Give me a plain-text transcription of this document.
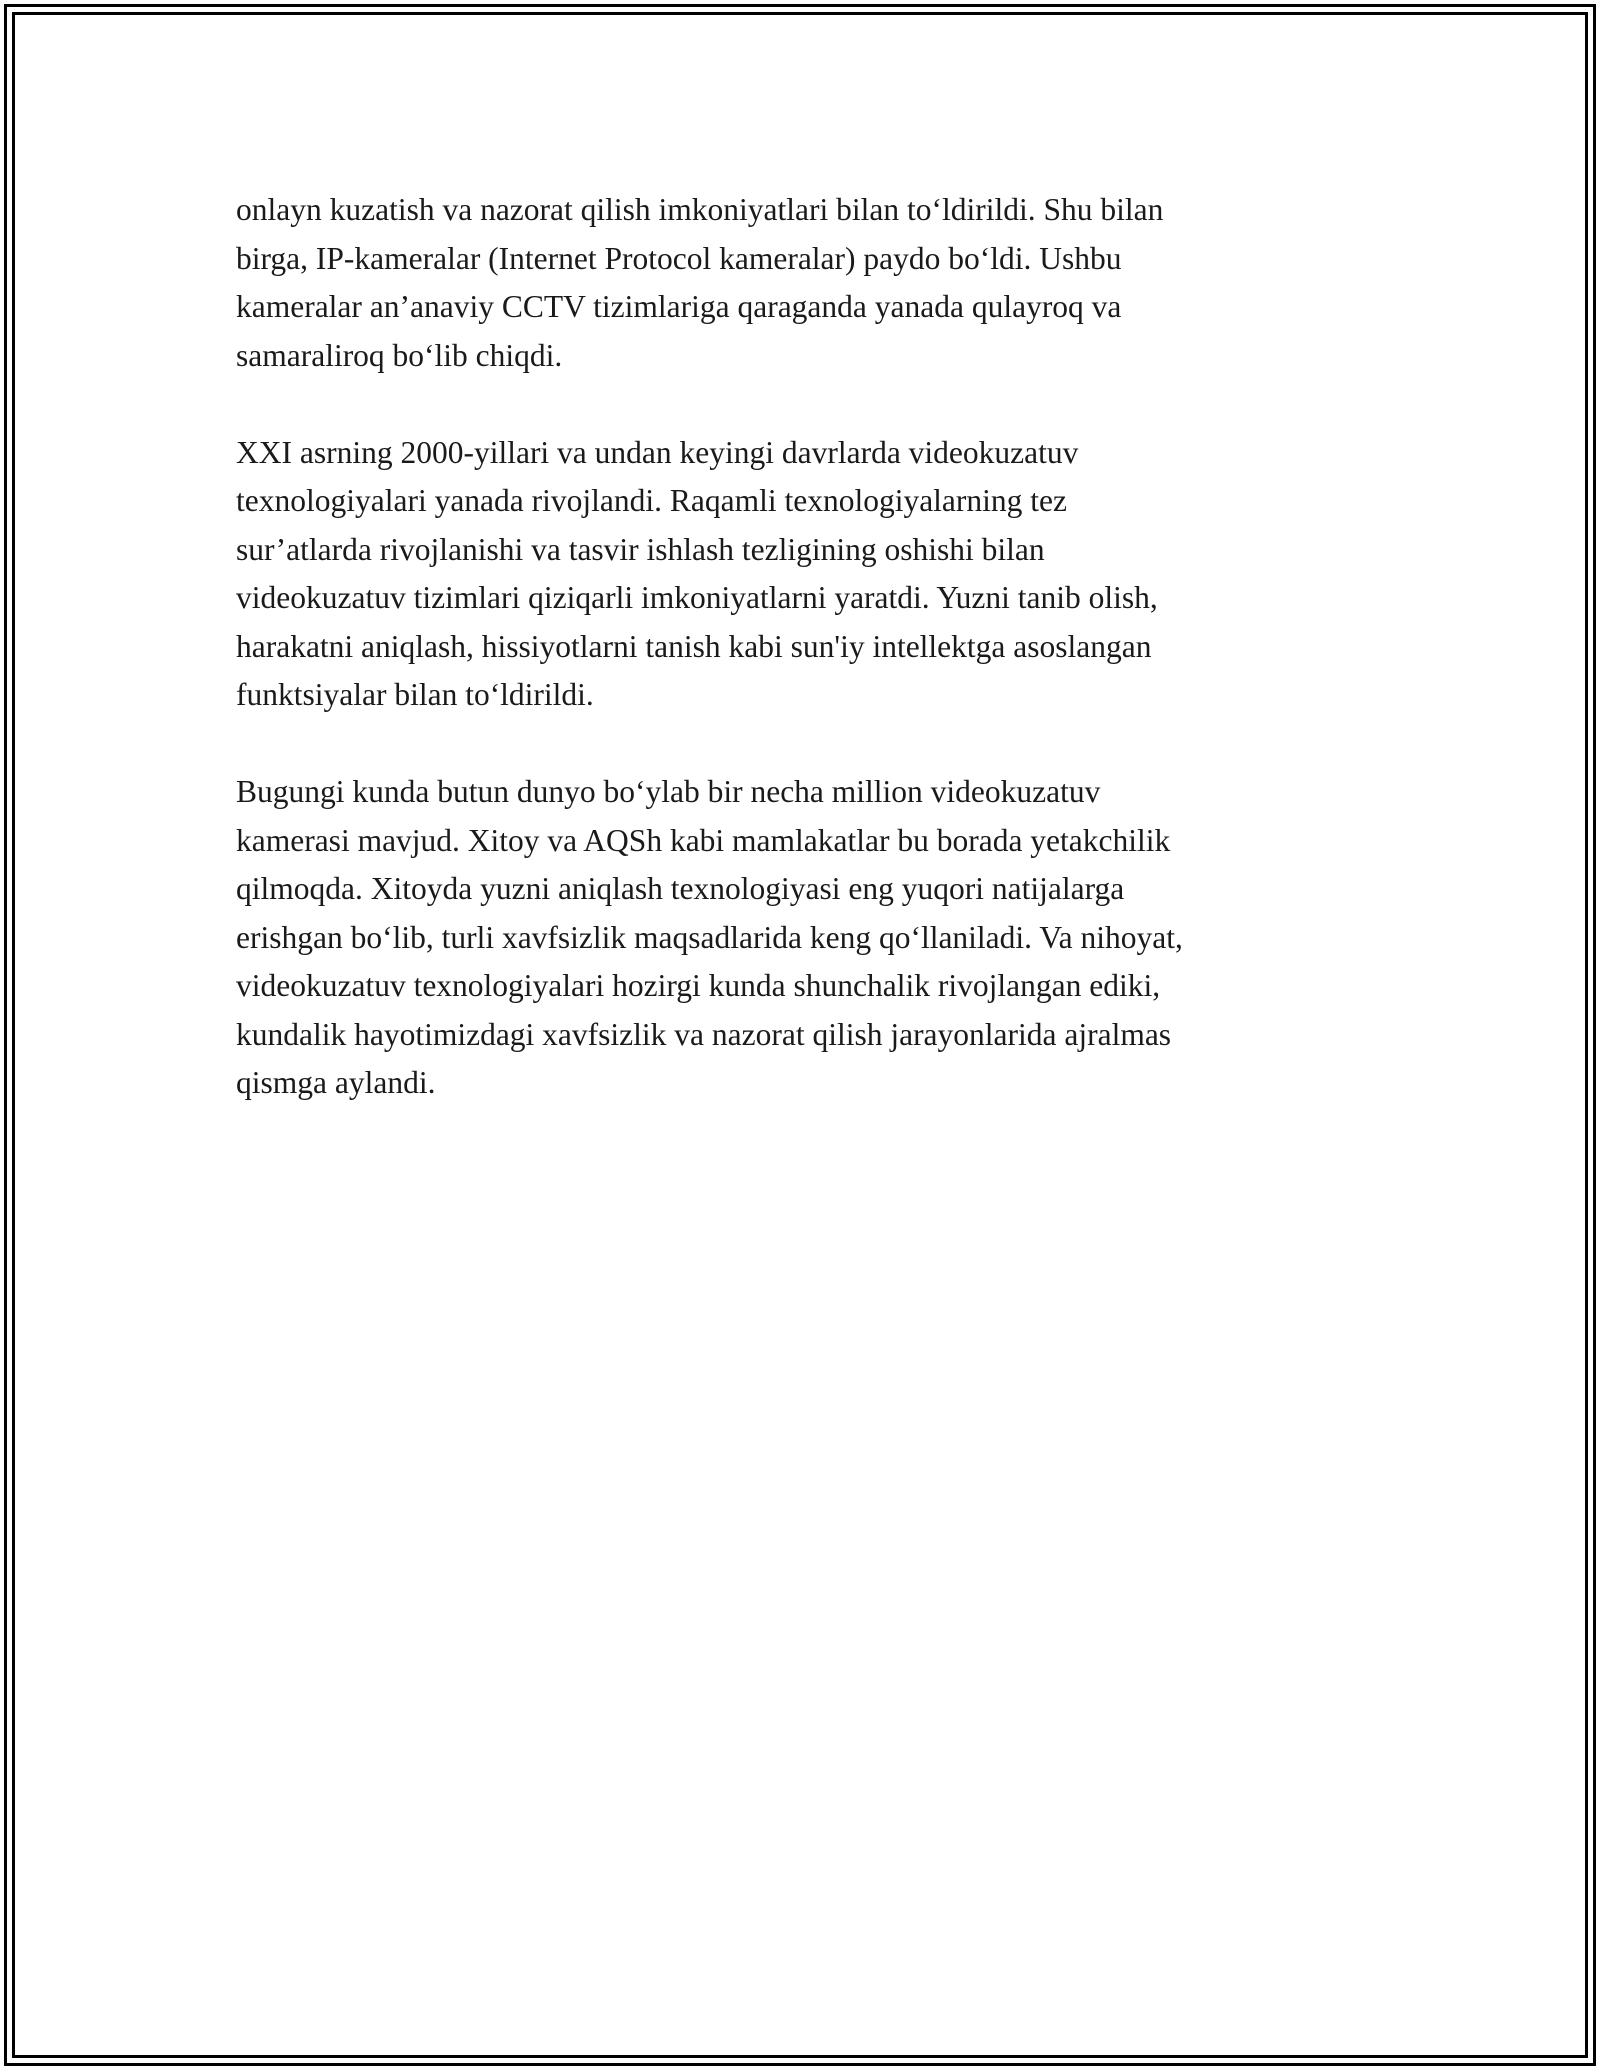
onlayn kuzatish va nazorat qilish imkoniyatlari bilan to‘ldirildi. Shu bilan
birga, IP-kameralar (Internet Protocol kameralar) paydo bo‘ldi. Ushbu
kameralar an’anaviy CCTV tizimlariga qaraganda yanada qulayroq va
samaraliroq bo‘lib chiqdi.

XXI asrning 2000-yillari va undan keyingi davrlarda videokuzatuv
texnologiyalari yanada rivojlandi. Raqamli texnologiyalarning tez
sur’atlarda rivojlanishi va tasvir ishlash tezligining oshishi bilan
videokuzatuv tizimlari qiziqarli imkoniyatlarni yaratdi. Yuzni tanib olish,
harakatni aniqlash, hissiyotlarni tanish kabi sun'iy intellektga asoslangan
funktsiyalar bilan to‘ldirildi.

Bugungi kunda butun dunyo bo‘ylab bir necha million videokuzatuv
kamerasi mavjud. Xitoy va AQSh kabi mamlakatlar bu borada yetakchilik
qilmoqda. Xitoyda yuzni aniqlash texnologiyasi eng yuqori natijalarga
erishgan bo‘lib, turli xavfsizlik maqsadlarida keng qo‘llaniladi. Va nihoyat,
videokuzatuv texnologiyalari hozirgi kunda shunchalik rivojlangan ediki,
kundalik hayotimizdagi xavfsizlik va nazorat qilish jarayonlarida ajralmas
qismga aylandi.
